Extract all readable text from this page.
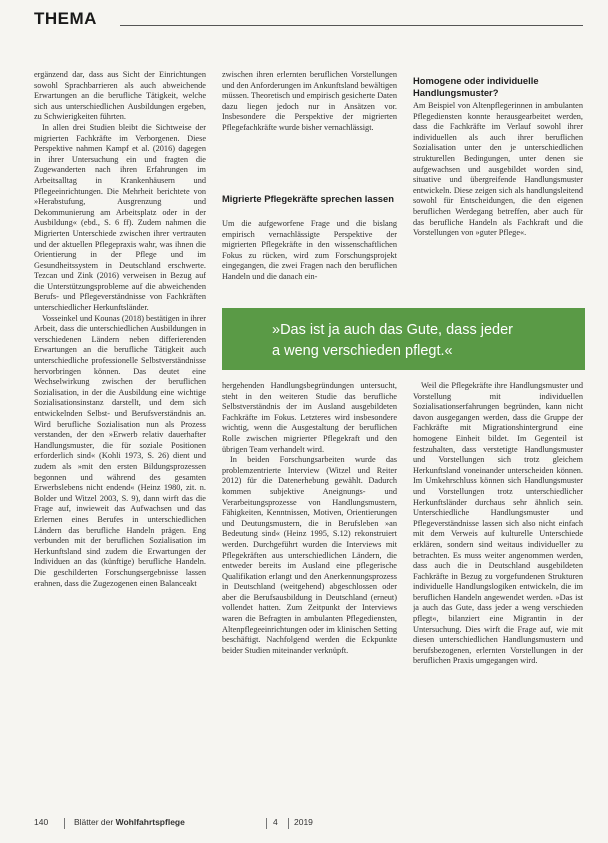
THEMA

ergänzend dar, dass aus Sicht der Einrichtungen sowohl Sprachbarrieren als auch abweichende Erwartungen an die berufliche Tätigkeit, welche sich aus unterschiedlichen Ausbildungen ergeben, zu Schwierigkeiten führten.

In allen drei Studien bleibt die Sichtweise der migrierten Fachkräfte im Verborgenen. Diese Perspektive nahmen Kampf et al. (2016) dagegen in ihrer Untersuchung ein und fragten die Zugewanderten nach ihren Erfahrungen im Arbeitsalltag in Krankenhäusern und Pflegeeinrichtungen. Die Mehrheit berichtete von »Herabstufung, Ausgrenzung und Dekommunierung am Arbeitsplatz oder in der Ausbildung« (ebd., S. 6 ff). Zudem nahmen die Migrierten Unterschiede zwischen ihrer vertrauten und der aktuellen Pflegepraxis wahr, was ihnen die Orientierung in der Pflege und im Gesundheitssystem in Deutschland erschwerte. Tezcan und Zink (2016) verweisen in Bezug auf die Unterstützungsprobleme auf die abweichenden Berufs- und Pflegeverständnisse von Fachkräften unterschiedlicher Herkunftsländer.

Vosseinkel und Kounas (2018) bestätigen in ihrer Arbeit, dass die unterschiedlichen Ausbildungen in verschiedenen Ländern neben differierenden Erwartungen an die berufliche Tätigkeit auch unterschiedliche professionelle Selbstverständnisse hervorbringen können. Das deutet eine Wechselwirkung zwischen der beruflichen Sozialisation, in der die Ausbildung eine wichtige Sozialisationsinstanz darstellt, und dem sich entwickelnden Selbst- und Berufsverständnis an. Wird berufliche Sozialisation nun als Prozess verstanden, der den »Erwerb relativ dauerhafter Handlungsmuster, die für soziale Positionen erforderlich sind« (Kohli 1973, S. 26) dient und zudem als »mit den ersten Bildungsprozessen begonnen und während des gesamten Erwerbslebens nicht endend« (Heinz 1980, zit. n. Bolder und Witzel 2003, S. 9), dann wirft das die Frage auf, inwieweit das Aufwachsen und das Erlernen eines Berufes in unterschiedlichen Ländern das berufliche Handeln prägen. Eng verbunden mit der beruflichen Sozialisation im Herkunftsland sind zudem die Erwartungen der Individuen an das (künftige) berufliche Handeln. Die geschilderten Forschungsergebnisse lassen erahnen, dass die Zugezogenen einen Balanceakt

zwischen ihren erlernten beruflichen Vorstellungen und den Anforderungen im Ankunftsland bewältigen müssen. Theoretisch und empirisch gesicherte Daten dazu liegen jedoch nur in Ansätzen vor. Insbesondere die Perspektive der migrierten Pflegefachkräfte wurde bisher vernachlässigt.

Migrierte Pflegekräfte sprechen lassen

Um die aufgeworfene Frage und die bislang empirisch vernachlässigte Perspektive der migrierten Pflegekräfte in den wissenschaftlichen Fokus zu rücken, wird zum Forschungsprojekt eingegangen, die zwei Fragen nach den beruflichen Handeln und die danach ein-

Homogene oder individuelle Handlungsmuster?

Am Beispiel von Altenpflegerinnen in ambulanten Pflegediensten konnte herausgearbeitet werden, dass die Fachkräfte im Verlauf sowohl ihrer individuellen als auch ihrer beruflichen Sozialisation unter den je unterschiedlichen strukturellen Bedingungen, unter denen sie aufgewachsen und ausgebildet worden sind, situative und übergreifende Handlungsmuster entwickeln. Diese zeigen sich als handlungsleitend sowohl für Entscheidungen, die den eigenen beruflichen Werdegang betreffen, aber auch für das berufliche Handeln als Fachkraft und die Vorstellungen von »guter Pflege«.

»Das ist ja auch das Gute, dass jeder
a weng verschieden pflegt.«

hergehenden Handlungsbegründungen untersucht, steht in den weiteren Studie das berufliche Selbstverständnis der im Ausland ausgebildeten Fachkräfte im Fokus. Letzteres wird insbesondere wichtig, wenn die Ausgestaltung der beruflichen Rolle zwischen migrierter Pflegekraft und den übrigen Team verhandelt wird.

In beiden Forschungsarbeiten wurde das problemzentrierte Interview (Witzel und Reiter 2012) für die Datenerhebung gewählt. Dadurch kommen subjektive Aneignungs- und Verarbeitungsprozesse von Handlungsmustern, Fähigkeiten, Kenntnissen, Motiven, Orientierungen und Deutungsmustern, die in Berufsleben »an Bedeutung sind« (Heinz 1995, S.12) rekonstruiert werden. Durchgeführt wurden die Interviews mit Pflegekräften aus unterschiedlichen Ländern, die entweder bereits im Ausland eine pflegerische Qualifikation erlangt und den Anerkennungsprozess in Deutschland (weitgehend) abgeschlossen oder aber die Berufsausbildung in Deutschland (erneut) vollendet hatten. Zum Zeitpunkt der Interviews waren die Befragten in ambulanten Pflegediensten, Altenpflegeeinrichtungen oder im klinischen Setting beschäftigt. Nachfolgend werden die Eckpunkte beider Studien miteinander verknüpft.

Weil die Pflegekräfte ihre Handlungsmuster und Vorstellung mit individuellen Sozialisationserfahrungen begründen, kann nicht davon ausgegangen werden, dass die Gruppe der Fachkräfte mit Migrationshintergrund eine homogene Einheit bildet. Im Gegenteil ist festzuhalten, dass verstetigte Handlungsmuster und Vorstellungen sich trotz gleichem Herkunftsland voneinander unterscheiden können. Im Umkehrschluss können sich Handlungsmuster und Vorstellungen trotz unterschiedlicher Herkunftsländer durchaus sehr ähnlich sein. Unterschiedliche Handlungsmuster und Pflegeverständnisse lassen sich also nicht einfach mit dem Verweis auf kulturelle Unterschiede erklären, sondern sind weitaus individueller zu betrachten. Es muss weiter angenommen werden, dass auch die in Deutschland ausgebildeten Fachkräfte in Bezug zu vorgefundenen Strukturen individuelle Handlungslogiken entwickeln, die im beruflichen Handeln angewendet werden. »Das ist ja auch das Gute, dass jeder a weng verschieden pflegt«, bilanziert eine Migrantin in der Untersuchung. Dies wirft die Frage auf, wie mit diesen unterschiedlichen Handlungsmustern und berufsbezogenen, erlernten Vorstellungen in der beruflichen Praxis umgegangen wird.

140	Blätter der Wohlfahrtspflege	4 2019
